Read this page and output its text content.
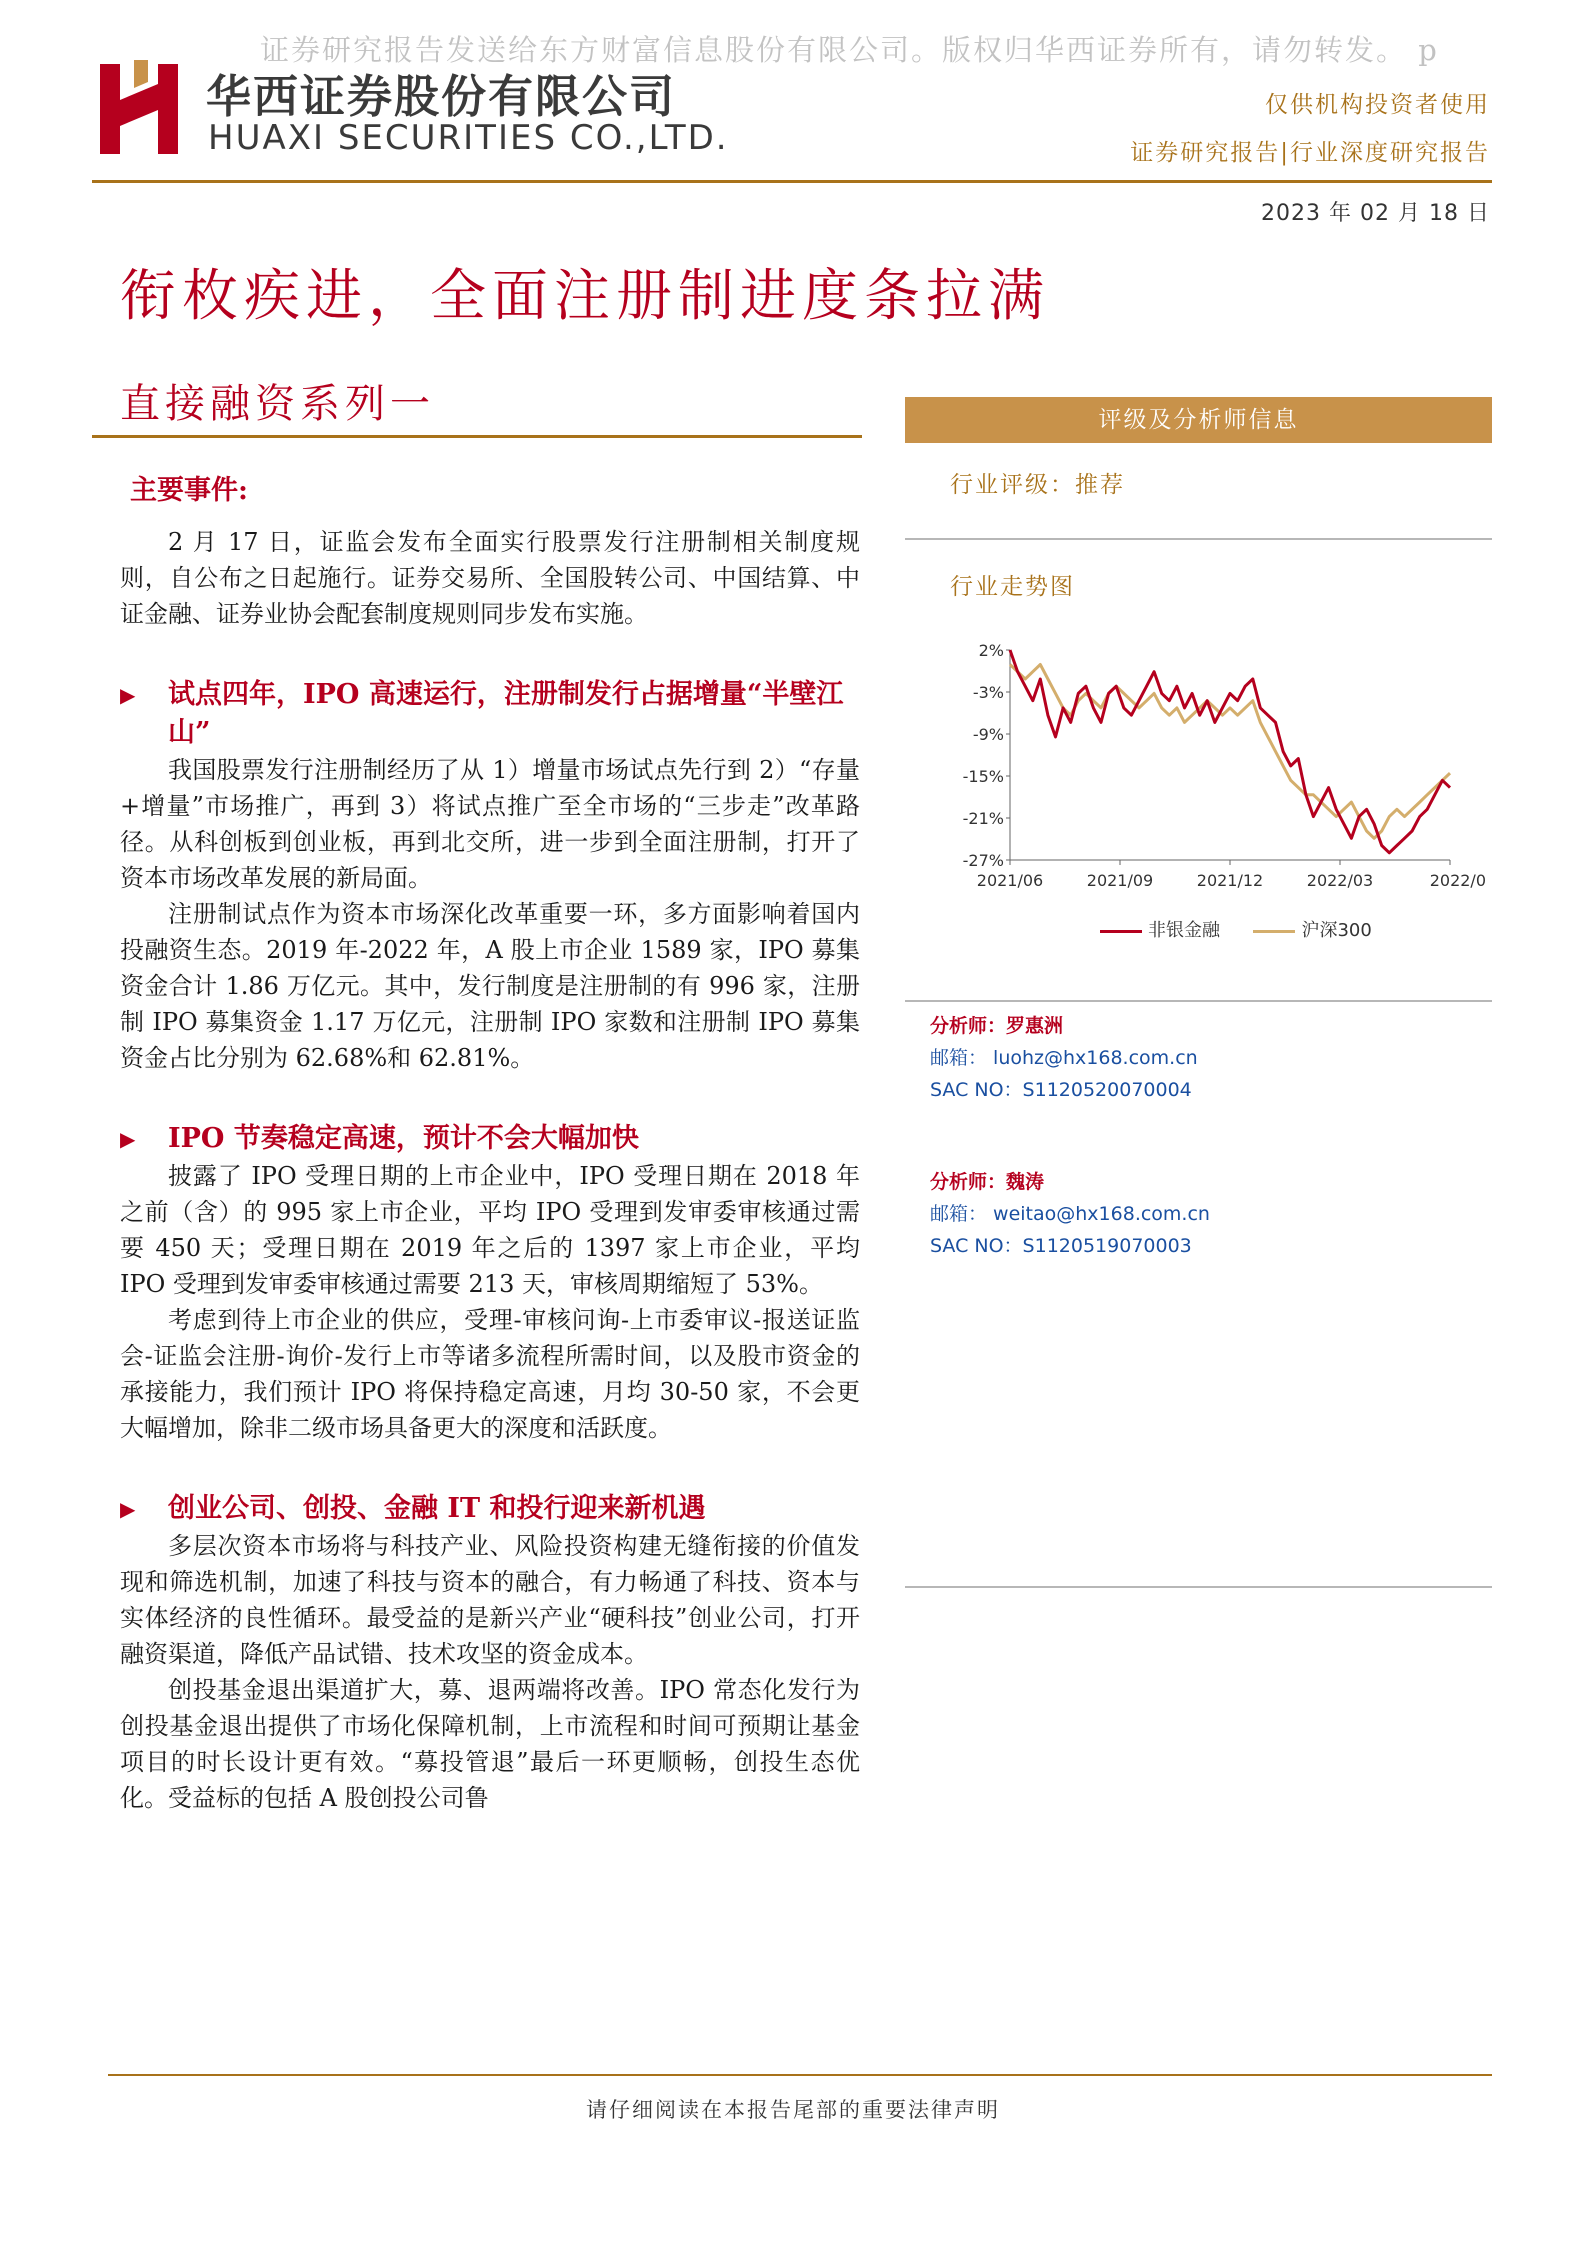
证券研究报告发送给东方财富信息股份有限公司。版权归华西证券所有，请勿转发。 p
华西证券股份有限公司
HUAXI SECURITIES CO.,LTD.
仅供机构投资者使用
证券研究报告|行业深度研究报告
2023 年 02 月 18 日
衔枚疾进，全面注册制进度条拉满
直接融资系列一
主要事件:

2 月 17 日，证监会发布全面实行股票发行注册制相关制度规则，自公布之日起施行。证券交易所、全国股转公司、中国结算、中证金融、证券业协会配套制度规则同步发布实施。

▶ 试点四年，IPO 高速运行，注册制发行占据增量“半壁江山”

我国股票发行注册制经历了从 1）增量市场试点先行到 2）“存量+增量”市场推广，再到 3）将试点推广至全市场的“三步走”改革路径。从科创板到创业板，再到北交所，进一步到全面注册制，打开了资本市场改革发展的新局面。

注册制试点作为资本市场深化改革重要一环，多方面影响着国内投融资生态。2019 年-2022 年，A 股上市企业 1589 家，IPO 募集资金合计 1.86 万亿元。其中，发行制度是注册制的有 996 家，注册制 IPO 募集资金 1.17 万亿元，注册制 IPO 家数和注册制 IPO 募集资金占比分别为 62.68%和 62.81%。

▶ IPO 节奏稳定高速，预计不会大幅加快

披露了 IPO 受理日期的上市企业中，IPO 受理日期在 2018 年之前（含）的 995 家上市企业，平均 IPO 受理到发审委审核通过需要 450 天；受理日期在 2019 年之后的 1397 家上市企业，平均 IPO 受理到发审委审核通过需要 213 天，审核周期缩短了 53%。

考虑到待上市企业的供应，受理-审核问询-上市委审议-报送证监会-证监会注册-询价-发行上市等诸多流程所需时间，以及股市资金的承接能力，我们预计 IPO 将保持稳定高速，月均 30-50 家，不会更大幅增加，除非二级市场具备更大的深度和活跃度。

▶ 创业公司、创投、金融 IT 和投行迎来新机遇

多层次资本市场将与科技产业、风险投资构建无缝衔接的价值发现和筛选机制，加速了科技与资本的融合，有力畅通了科技、资本与实体经济的良性循环。最受益的是新兴产业“硬科技”创业公司，打开融资渠道，降低产品试错、技术攻坚的资金成本。

创投基金退出渠道扩大，募、退两端将改善。IPO 常态化发行为创投基金退出提供了市场化保障机制，上市流程和时间可预期让基金项目的时长设计更有效。“募投管退”最后一环更顺畅，创投生态优化。受益标的包括 A 股创投公司鲁

评级及分析师信息
行业评级：推荐
行业走势图
2%
-3%
-9%
-15%
-21%
-27%
2021/06	2021/09	2021/12	2022/03	2022/0
非银金融	沪深300
分析师：罗惠洲
邮箱： luohz@hx168.com.cn
SAC NO：S1120520070004
分析师：魏涛
邮箱： weitao@hx168.com.cn
SAC NO：S1120519070003
请仔细阅读在本报告尾部的重要法律声明
